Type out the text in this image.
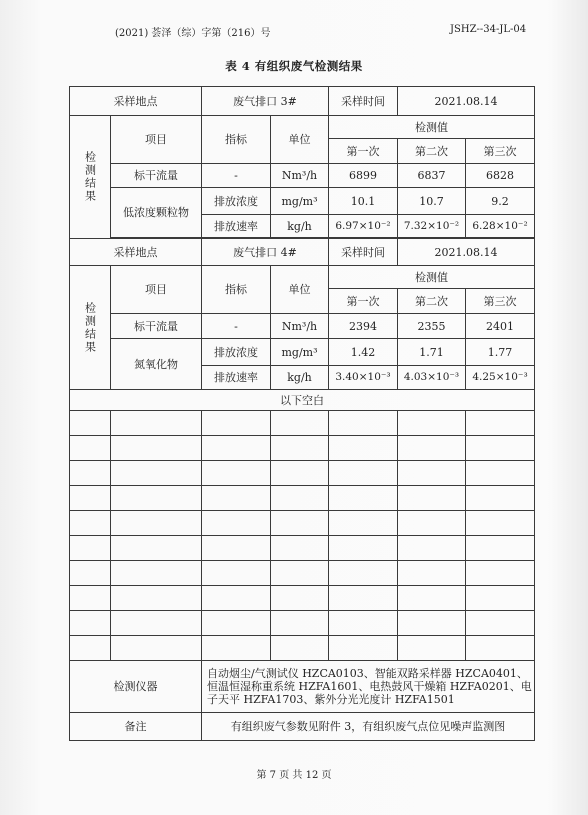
(2021) 荟泽（综）字第（216）号	JSHZ--34-JL-04
表 4 有组织废气检测结果
采样地点		废气排口 3#		采样时间	2021.08.14	

检测结果	项目	指标	单位	检测值		
				第一次	第二次	第三次
	标干流量	-	Nm³/h	6899	6837	6828
	低浓度颗粒物	排放浓度	mg/m³	10.1	10.7	9.2
		排放速率	kg/h	6.97×10⁻²	7.32×10⁻²	6.28×10⁻²

采样地点		废气排口 4#		采样时间	2021.08.14	

检测结果	项目	指标	单位	检测值		
				第一次	第二次	第三次
	标干流量	-	Nm³/h	2394	2355	2401
	氮氧化物	排放浓度	mg/m³	1.42	1.71	1.77
		排放速率	kg/h	3.40×10⁻³	4.03×10⁻³	4.25×10⁻³
以下空白						

检测仪器		自动烟尘/气测试仪 HZCA0103、智能双路采样器 HZCA0401、恒温恒湿称重系统 HZFA1601、电热鼓风干燥箱 HZFA0201、电子天平 HZFA1703、紫外分光光度计 HZFA1501				
备注		有组织废气参数见附件 3，有组织废气点位见噪声监测图				
第 7 页 共 12 页
